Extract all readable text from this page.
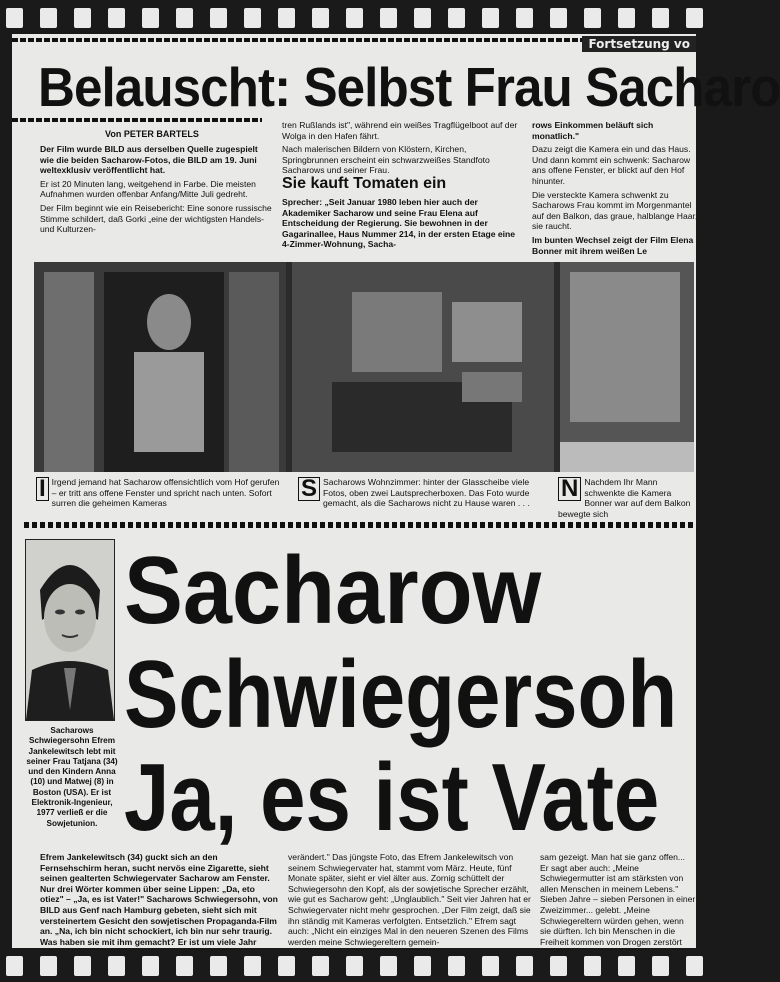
Fortsetzung vo
Belauscht: Selbst Frau Sacharo
Von PETER BARTELS

Der Film wurde BILD aus derselben Quelle zugespielt wie die beiden Sacharow-Fotos, die BILD am 19. Juni weltexklusiv veröffentlicht hat.

Er ist 20 Minuten lang, weitgehend in Farbe. Die meisten Aufnahmen wurden offenbar Anfang/Mitte Juli gedreht.

Der Film beginnt wie ein Reisebericht: Eine sonore russische Stimme schildert, daß Gorki „eine der wichtigsten Handels- und Kulturzen-

tren Rußlands ist", während ein weißes Tragflügelboot auf der Wolga in den Hafen fährt.

Nach malerischen Bildern von Klöstern, Kirchen, Springbrunnen erscheint ein schwarzweißes Standfoto Sacharows und seiner Frau.

Sie kauft Tomaten ein
Sprecher: „Seit Januar 1980 leben hier auch der Akademiker Sacharow und seine Frau Elena auf Entscheidung der Regierung. Sie bewohnen in der Gagarinallee, Haus Nummer 214, in der ersten Etage eine 4-Zimmer-Wohnung, Sacha-

rows Einkommen beläuft sich monatlich."

Dazu zeigt die Kamera ein und das Haus. Und dann kommt ein schwenk: Sacharow ans offene Fenster, er blickt auf den Hof hinunter.

Die versteckte Kamera schwenkt zu Sacharows Frau kommt im Morgenmantel auf den Balkon, das graue, halblange Haar, sie raucht.

Im bunten Wechsel zeigt der Film Elena Bonner mit ihrem weißen Le

I Irgend jemand hat Sacharow offensichtlich vom Hof gerufen – er tritt ans offene Fenster und spricht nach unten. Sofort surren die geheimen Kameras
S Sacharows Wohnzimmer: hinter der Glasscheibe viele Fotos, oben zwei Lautsprecherboxen. Das Foto wurde gemacht, als die Sacharows nicht zu Hause waren . . .
N Nachdem Ihr Mann schwenkte die Kamera Bonner war auf dem Balkon bewegte sich
Sacharows Schwiegersohn Efrem Jankelewitsch lebt mit seiner Frau Tatjana (34) und den Kindern Anna (10) und Matwej (8) in Boston (USA). Er ist Elektronik-Ingenieur, 1977 verließ er die Sowjetunion.
Sacharow
Schwiegersoh
Ja, es ist Vate
Efrem Jankelewitsch (34) guckt sich an den Fernsehschirm heran, sucht nervös eine Zigarette, sieht seinen gealterten Schwiegervater Sacharow am Fenster. Nur drei Wörter kommen über seine Lippen: „Da, eto otiez" – „Ja, es ist Vater!" Sacharows Schwiegersohn, von BILD aus Genf nach Hamburg gebeten, sieht sich mit versteinertem Gesicht den sowjetischen Propaganda-Film an. „Na, ich bin nicht schockiert, ich bin nur sehr traurig. Was haben sie mit ihm gemacht? Er ist um viele Jahr
verändert." Das jüngste Foto, das Efrem Jankelewitsch von seinem Schwiegervater hat, stammt vom März. Heute, fünf Monate später, sieht er viel älter aus. Zornig schüttelt der Schwiegersohn den Kopf, als der sowjetische Sprecher erzählt, wie gut es Sacharow geht: „Unglaublich." Seit vier Jahren hat er Schwiegervater nicht mehr gesprochen. „Der Film zeigt, daß sie ihn ständig mit Kameras verfolgten. Entsetzlich." Efrem sagt auch: „Nicht ein einziges Mal in den neueren Szenen des Films werden meine Schwiegereltern gemein-
sam gezeigt. Man hat sie ganz offen... Er sagt aber auch: „Meine Schwiegermutter ist am stärksten von allen Menschen in meinem Lebens." Sieben Jahre – sieben Personen in einer Zweizimmer... gelebt. „Meine Schwiegereltern würden gehen, wenn sie dürften. Ich bin Menschen in die Freiheit kommen von Drogen zerstört
